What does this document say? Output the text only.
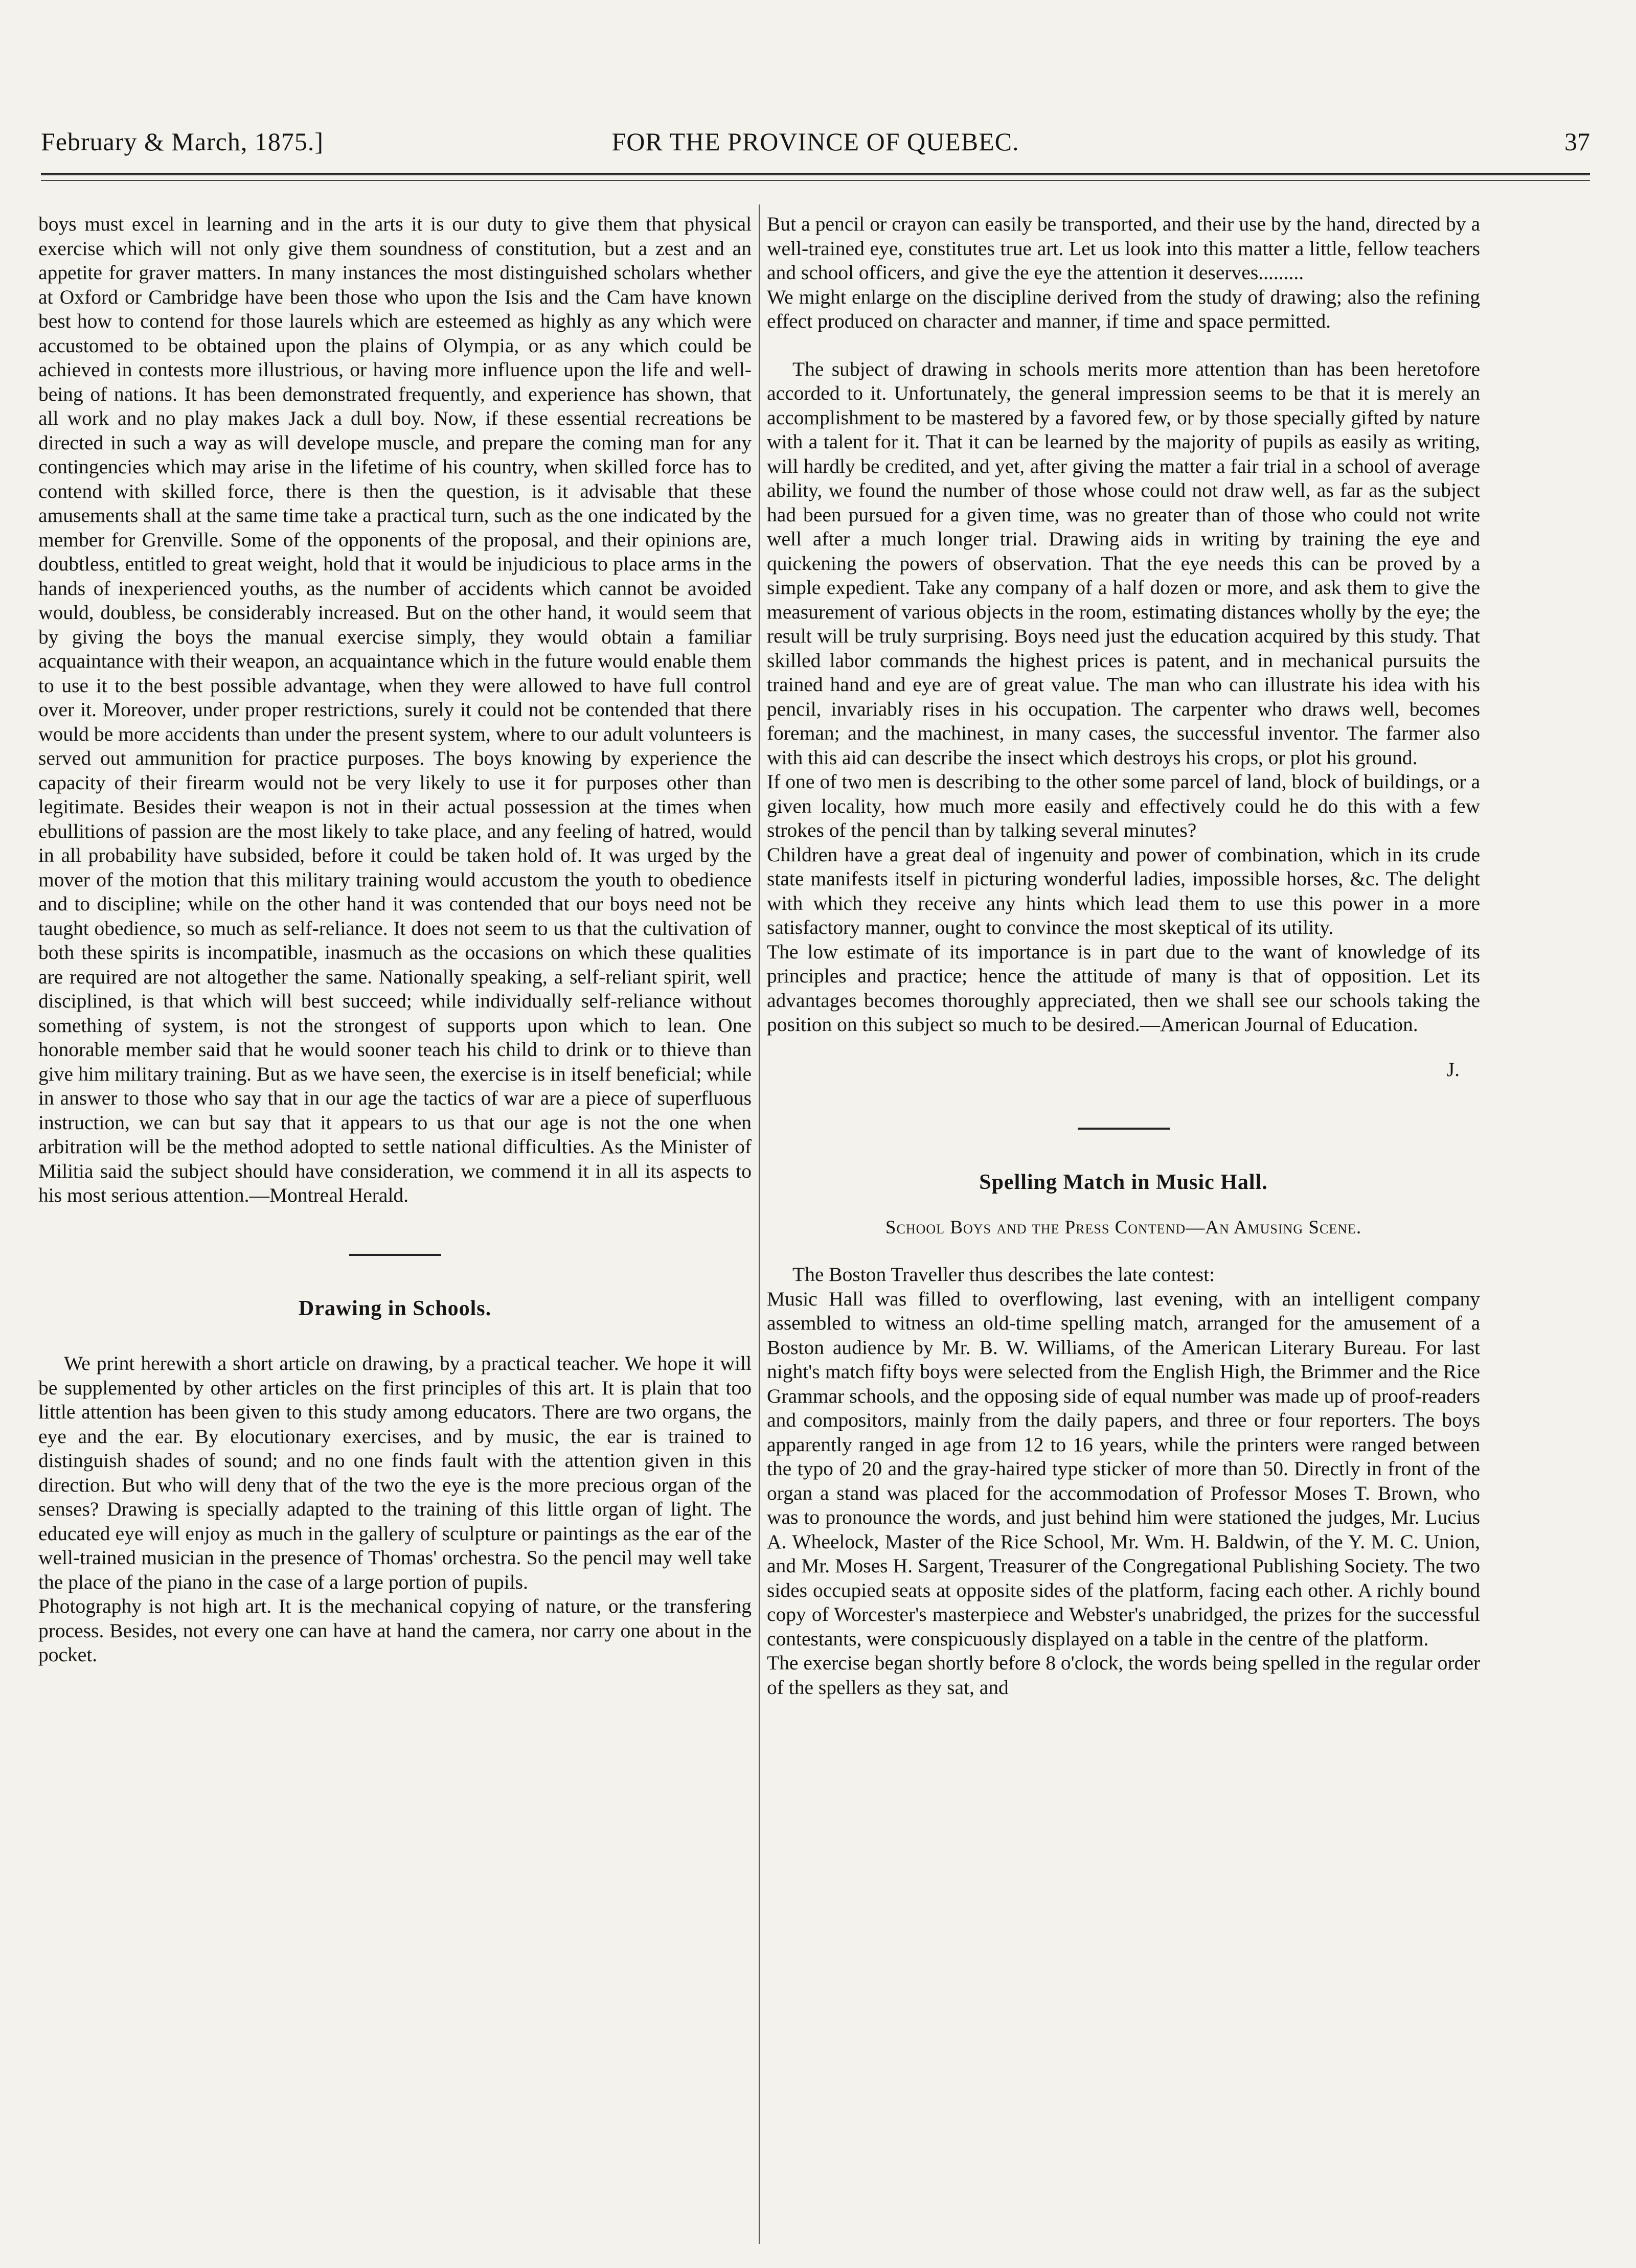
February & March, 1875.]	FOR THE PROVINCE OF QUEBEC.	37

boys must excel in learning and in the arts it is our duty to give them that physical exercise which will not only give them soundness of constitution, but a zest and an appetite for graver matters. In many instances the most distinguished scholars whether at Oxford or Cambridge have been those who upon the Isis and the Cam have known best how to contend for those laurels which are esteemed as highly as any which were accustomed to be obtained upon the plains of Olympia, or as any which could be achieved in contests more illustrious, or having more influence upon the life and well-being of nations. It has been demonstrated frequently, and experience has shown, that all work and no play makes Jack a dull boy. Now, if these essential recreations be directed in such a way as will develope muscle, and prepare the coming man for any contingencies which may arise in the lifetime of his country, when skilled force has to contend with skilled force, there is then the question, is it advisable that these amusements shall at the same time take a practical turn, such as the one indicated by the member for Grenville. Some of the opponents of the proposal, and their opinions are, doubtless, entitled to great weight, hold that it would be injudicious to place arms in the hands of inexperienced youths, as the number of accidents which cannot be avoided would, doubless, be considerably increased. But on the other hand, it would seem that by giving the boys the manual exercise simply, they would obtain a familiar acquaintance with their weapon, an acquaintance which in the future would enable them to use it to the best possible advantage, when they were allowed to have full control over it. Moreover, under proper restrictions, surely it could not be contended that there would be more accidents than under the present system, where to our adult volunteers is served out ammunition for practice purposes. The boys knowing by experience the capacity of their firearm would not be very likely to use it for purposes other than legitimate. Besides their weapon is not in their actual possession at the times when ebullitions of passion are the most likely to take place, and any feeling of hatred, would in all probability have subsided, before it could be taken hold of. It was urged by the mover of the motion that this military training would accustom the youth to obedience and to discipline; while on the other hand it was contended that our boys need not be taught obedience, so much as self-reliance. It does not seem to us that the cultivation of both these spirits is incompatible, inasmuch as the occasions on which these qualities are required are not altogether the same. Nationally speaking, a self-reliant spirit, well disciplined, is that which will best succeed; while individually self-reliance without something of system, is not the strongest of supports upon which to lean. One honorable member said that he would sooner teach his child to drink or to thieve than give him military training. But as we have seen, the exercise is in itself beneficial; while in answer to those who say that in our age the tactics of war are a piece of superfluous instruction, we can but say that it appears to us that our age is not the one when arbitration will be the method adopted to settle national difficulties. As the Minister of Militia said the subject should have consideration, we commend it in all its aspects to his most serious attention.—Montreal Herald.

Drawing in Schools.

We print herewith a short article on drawing, by a practical teacher. We hope it will be supplemented by other articles on the first principles of this art. It is plain that too little attention has been given to this study among educators. There are two organs, the eye and the ear. By elocutionary exercises, and by music, the ear is trained to distinguish shades of sound; and no one finds fault with the attention given in this direction. But who will deny that of the two the eye is the more precious organ of the senses? Drawing is specially adapted to the training of this little organ of light. The educated eye will enjoy as much in the gallery of sculpture or paintings as the ear of the well-trained musician in the presence of Thomas' orchestra. So the pencil may well take the place of the piano in the case of a large portion of pupils.

Photography is not high art. It is the mechanical copying of nature, or the transfering process. Besides, not every one can have at hand the camera, nor carry one about in the pocket.

But a pencil or crayon can easily be transported, and their use by the hand, directed by a well-trained eye, constitutes true art. Let us look into this matter a little, fellow teachers and school officers, and give the eye the attention it deserves.........

We might enlarge on the discipline derived from the study of drawing; also the refining effect produced on character and manner, if time and space permitted.

The subject of drawing in schools merits more attention than has been heretofore accorded to it. Unfortunately, the general impression seems to be that it is merely an accomplishment to be mastered by a favored few, or by those specially gifted by nature with a talent for it. That it can be learned by the majority of pupils as easily as writing, will hardly be credited, and yet, after giving the matter a fair trial in a school of average ability, we found the number of those whose could not draw well, as far as the subject had been pursued for a given time, was no greater than of those who could not write well after a much longer trial. Drawing aids in writing by training the eye and quickening the powers of observation. That the eye needs this can be proved by a simple expedient. Take any company of a half dozen or more, and ask them to give the measurement of various objects in the room, estimating distances wholly by the eye; the result will be truly surprising. Boys need just the education acquired by this study. That skilled labor commands the highest prices is patent, and in mechanical pursuits the trained hand and eye are of great value. The man who can illustrate his idea with his pencil, invariably rises in his occupation. The carpenter who draws well, becomes foreman; and the machinest, in many cases, the successful inventor. The farmer also with this aid can describe the insect which destroys his crops, or plot his ground.

If one of two men is describing to the other some parcel of land, block of buildings, or a given locality, how much more easily and effectively could he do this with a few strokes of the pencil than by talking several minutes?

Children have a great deal of ingenuity and power of combination, which in its crude state manifests itself in picturing wonderful ladies, impossible horses, &c. The delight with which they receive any hints which lead them to use this power in a more satisfactory manner, ought to convince the most skeptical of its utility.

The low estimate of its importance is in part due to the want of knowledge of its principles and practice; hence the attitude of many is that of opposition. Let its advantages becomes thoroughly appreciated, then we shall see our schools taking the position on this subject so much to be desired.—American Journal of Education.

J.
Spelling Match in Music Hall.
School Boys and the Press Contend—An Amusing Scene.

The Boston Traveller thus describes the late contest:

Music Hall was filled to overflowing, last evening, with an intelligent company assembled to witness an old-time spelling match, arranged for the amusement of a Boston audience by Mr. B. W. Williams, of the American Literary Bureau. For last night's match fifty boys were selected from the English High, the Brimmer and the Rice Grammar schools, and the opposing side of equal number was made up of proof-readers and compositors, mainly from the daily papers, and three or four reporters. The boys apparently ranged in age from 12 to 16 years, while the printers were ranged between the typo of 20 and the gray-haired type sticker of more than 50. Directly in front of the organ a stand was placed for the accommodation of Professor Moses T. Brown, who was to pronounce the words, and just behind him were stationed the judges, Mr. Lucius A. Wheelock, Master of the Rice School, Mr. Wm. H. Baldwin, of the Y. M. C. Union, and Mr. Moses H. Sargent, Treasurer of the Congregational Publishing Society. The two sides occupied seats at opposite sides of the platform, facing each other. A richly bound copy of Worcester's masterpiece and Webster's unabridged, the prizes for the successful contestants, were conspicuously displayed on a table in the centre of the platform.

The exercise began shortly before 8 o'clock, the words being spelled in the regular order of the spellers as they sat, and
